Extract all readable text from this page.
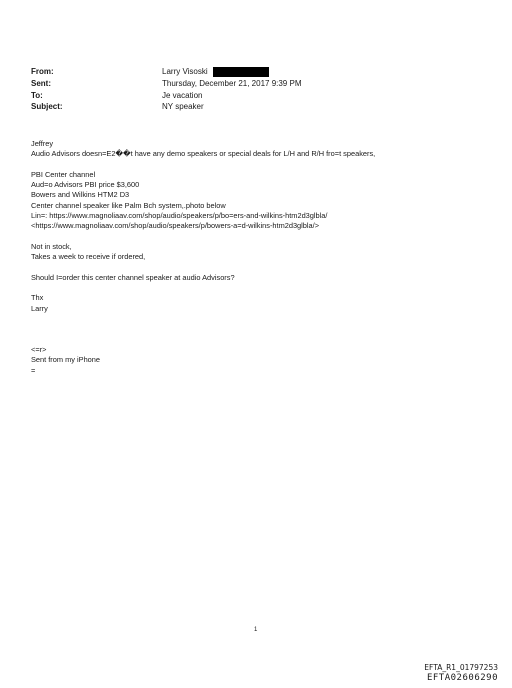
From:	Larry Visoski
Sent:	Thursday, December 21, 2017 9:39 PM
To:	Je vacation
Subject:	NY speaker
Jeffrey
Audio Advisors doesn=E2��t have any demo speakers or special deals for L/H and R/H fro=t speakers,

PBI Center channel
Aud=o Advisors PBI price $3,600
Bowers and Wilkins HTM2 D3
Center channel speaker like Palm Bch system,.photo below
Lin=: https://www.magnoliaav.com/shop/audio/speakers/p/bo=ers-and-wilkins-htm2d3glbla/
<https://www.magnoliaav.com/shop/audio/speakers/p/bowers-a=d-wilkins-htm2d3glbla/>

Not in stock,
Takes a week to receive if ordered,

Should I=order this center channel speaker at audio Advisors?

Thx
Larry

<=r>
Sent from my iPhone
=
1
EFTA_R1_01797253
EFTA02606290
